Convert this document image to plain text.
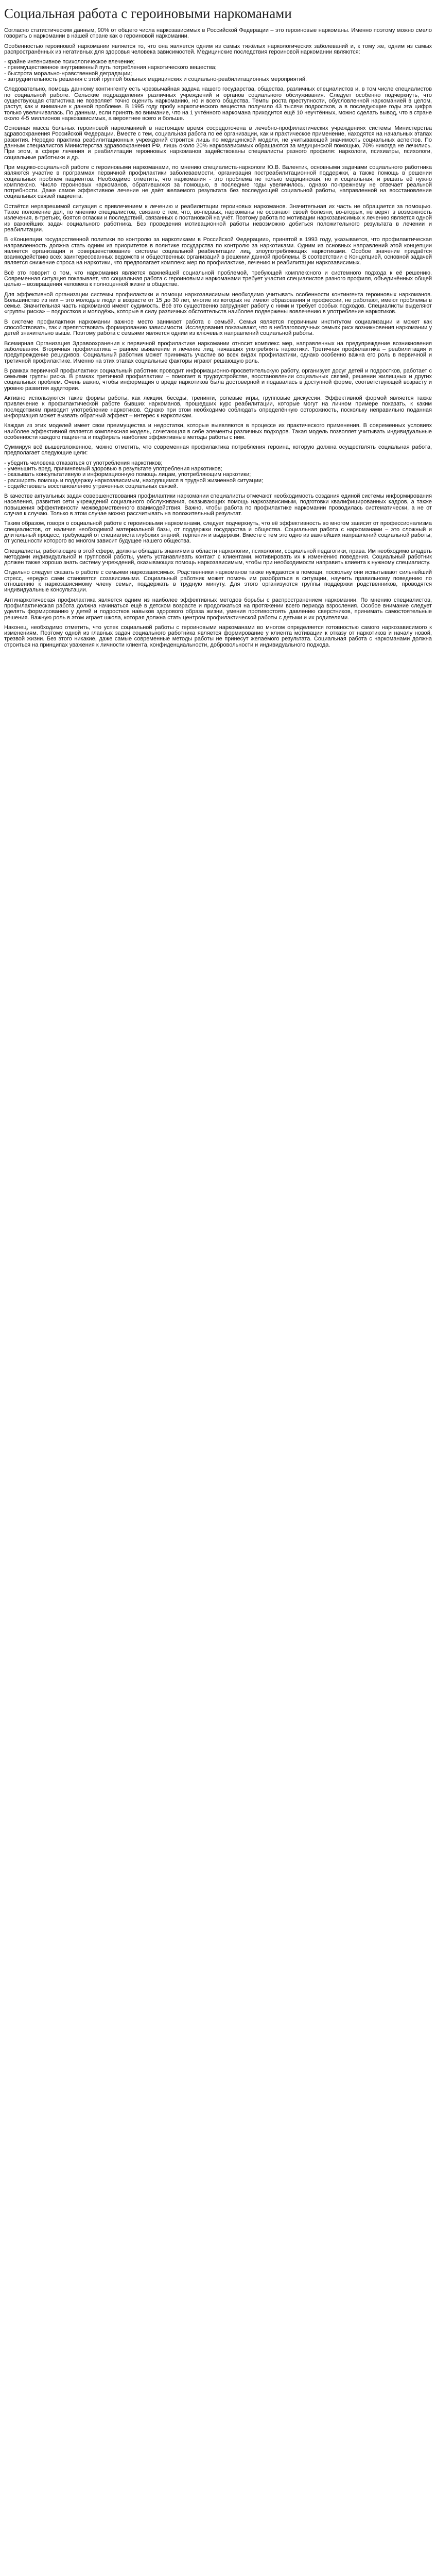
Социальная работа с героиновыми наркоманами

Согласно статистическим данным, 90% от общего числа наркозависимых в Российской Федерации – это героиновые наркоманы. Именно поэтому можно смело говорить о наркомании в нашей стране как о героиновой наркомании.

Особенностью героиновой наркомании является то, что она является одним из самых тяжёлых наркологических заболеваний и, к тому же, одним из самых распространённых из негативных для здоровья человека зависимостей. Медицинские последствия героиновой наркомании являются:

- крайне интенсивное психологическое влечение;
- преимущественное внутривенный путь потребления наркотического вещества;
- быстрота морально-нравственной деградации;
- затруднительность решения с этой группой больных медицинских и социально-реабилитационных мероприятий.

Следовательно, помощь данному контингенту есть чрезвычайная задача нашего государства, общества, различных специалистов и, в том числе специалистов по социальной работе. Сельские подразделения различных учреждений и органов социального обслуживания. Следует особенно подчеркнуть, что существующая статистика не позволяет точно оценить наркоманию, но и всего общества. Темпы роста преступности, обусловленной наркоманией в целом, растут, как и внимание к данной проблеме. В 1995 году пробу наркотического вещества получило 43 тысячи подростков, а в последующие годы эта цифра только увеличивалась. По данным, если принять во внимание, что на 1 учтённого наркомана приходится ещё 10 неучтённых, можно сделать вывод, что в стране около 4-5 миллионов наркозависимых, а вероятнее всего и больше.

Основная масса больных героиновой наркоманией в настоящее время сосредоточена в лечебно-профилактических учреждениях системы Министерства здравоохранения Российской Федерации. Вместе с тем, социальная работа по её организации, как и практическое применение, находятся на начальных этапах развития. Нередко практика реабилитационных учреждений строится лишь по медицинской модели, не учитывающей значимость социальных аспектов. По данным специалистов Министерства здравоохранения РФ, лишь около 20% наркозависимых обращаются за медицинской помощью, 70% никогда не лечились. При этом, в сфере лечения и реабилитации героиновых наркоманов задействованы специалисты разного профиля: наркологи, психиатры, психологи, социальные работники и др.

При медико-социальной работе с героиновыми наркоманами, по мнению специалиста-наркологи Ю.В. Валентик, основными задачами социального работника являются участие в программах первичной профилактики заболеваемости, организация постреабилитационной поддержки, а также помощь в решении социальных проблем пациентов. Необходимо отметить, что наркомания - это проблема не только медицинская, но и социальная, и решать её нужно комплексно. Число героиновых наркоманов, обратившихся за помощью, в последние годы увеличилось, однако по-прежнему не отвечает реальной потребности. Даже самое эффективное лечение не даёт желаемого результата без последующей социальной работы, направленной на восстановление социальных связей пациента.

Остаётся неразрешимой ситуация с привлечением к лечению и реабилитации героиновых наркоманов. Значительная их часть не обращается за помощью. Такое положение дел, по мнению специалистов, связано с тем, что, во-первых, наркоманы не осознают своей болезни, во-вторых, не верят в возможность излечения, в-третьих, боятся огласки и последствий, связанных с постановкой на учёт. Поэтому работа по мотивации наркозависимых к лечению является одной из важнейших задач социального работника. Без проведения мотивационной работы невозможно добиться положительного результата в лечении и реабилитации.

В «Концепции государственной политики по контролю за наркотиками в Российской Федерации», принятой в 1993 году, указывается, что профилактическая направленность должна стать одним из приоритетов в политике государства по контролю за наркотиками. Одним из основных направлений этой концепции является организация и совершенствование системы социальной реабилитации лиц, злоупотребляющих наркотиками. Особое значение придаётся взаимодействию всех заинтересованных ведомств и общественных организаций в решении данной проблемы. В соответствии с Концепцией, основной задачей является снижение спроса на наркотики, что предполагает комплекс мер по профилактике, лечению и реабилитации наркозависимых.

Всё это говорит о том, что наркомания является важнейшей социальной проблемой, требующей комплексного и системного подхода к её решению. Современная ситуация показывает, что социальная работа с героиновыми наркоманами требует участия специалистов разного профиля, объединённых общей целью – возвращения человека к полноценной жизни в обществе.

Для эффективной организации системы профилактики и помощи наркозависимым необходимо учитывать особенности контингента героиновых наркоманов. Большинство из них – это молодые люди в возрасте от 15 до 30 лет, многие из которых не имеют образования и профессии, не работают, имеют проблемы в семье. Значительная часть наркоманов имеют судимость. Всё это существенно затрудняет работу с ними и требует особых подходов. Специалисты выделяют «группы риска» – подростков и молодёжь, которые в силу различных обстоятельств наиболее подвержены вовлечению в употребление наркотиков.

В системе профилактики наркомании важное место занимает работа с семьёй. Семья является первичным институтом социализации и может как способствовать, так и препятствовать формированию зависимости. Исследования показывают, что в неблагополучных семьях риск возникновения наркомании у детей значительно выше. Поэтому работа с семьями является одним из ключевых направлений социальной работы.

Всемирная Организация Здравоохранения к первичной профилактике наркомании относит комплекс мер, направленных на предупреждение возникновения заболевания. Вторичная профилактика – раннее выявление и лечение лиц, начавших употреблять наркотики. Третичная профилактика – реабилитация и предупреждение рецидивов. Социальный работник может принимать участие во всех видах профилактики, однако особенно важна его роль в первичной и третичной профилактике. Именно на этих этапах социальные факторы играют решающую роль.

В рамках первичной профилактики социальный работник проводит информационно-просветительскую работу, организует досуг детей и подростков, работает с семьями группы риска. В рамках третичной профилактики – помогает в трудоустройстве, восстановлении социальных связей, решении жилищных и других социальных проблем. Очень важно, чтобы информация о вреде наркотиков была достоверной и подавалась в доступной форме, соответствующей возрасту и уровню развития аудитории.

Активно используются такие формы работы, как лекции, беседы, тренинги, ролевые игры, групповые дискуссии. Эффективной формой является также привлечение к профилактической работе бывших наркоманов, прошедших курс реабилитации, которые могут на личном примере показать, к каким последствиям приводит употребление наркотиков. Однако при этом необходимо соблюдать определённую осторожность, поскольку неправильно поданная информация может вызвать обратный эффект – интерес к наркотикам.

Каждая из этих моделей имеет свои преимущества и недостатки, которые выявляются в процессе их практического применения. В современных условиях наиболее эффективной является комплексная модель, сочетающая в себе элементы различных подходов. Такая модель позволяет учитывать индивидуальные особенности каждого пациента и подбирать наиболее эффективные методы работы с ним.

Суммируя всё вышеизложенное, можно отметить, что современная профилактика потребления героина, которую должна осуществлять социальная работа, предполагает следующие цели:

- убедить человека отказаться от употребления наркотиков;
- уменьшить вред, причиняемый здоровью в результате употребления наркотиков;
- оказывать консультативную и информационную помощь лицам, употребляющим наркотики;
- расширять помощь и поддержку наркозависимым, находящимся в трудной жизненной ситуации;
- содействовать восстановлению утраченных социальных связей.

В качестве актуальных задач совершенствования профилактики наркомании специалисты отмечают необходимость создания единой системы информирования населения, развития сети учреждений социального обслуживания, оказывающих помощь наркозависимым, подготовки квалифицированных кадров, а также повышения эффективности межведомственного взаимодействия. Важно, чтобы работа по профилактике наркомании проводилась систематически, а не от случая к случаю. Только в этом случае можно рассчитывать на положительный результат.

Таким образом, говоря о социальной работе с героиновыми наркоманами, следует подчеркнуть, что её эффективность во многом зависит от профессионализма специалистов, от наличия необходимой материальной базы, от поддержки государства и общества. Социальная работа с наркоманами – это сложный и длительный процесс, требующий от специалиста глубоких знаний, терпения и выдержки. Вместе с тем это одно из важнейших направлений социальной работы, от успешности которого во многом зависит будущее нашего общества.

Специалисты, работающие в этой сфере, должны обладать знаниями в области наркологии, психологии, социальной педагогики, права. Им необходимо владеть методами индивидуальной и групповой работы, уметь устанавливать контакт с клиентами, мотивировать их к изменению поведения. Социальный работник должен также хорошо знать систему учреждений, оказывающих помощь наркозависимым, чтобы при необходимости направить клиента к нужному специалисту.

Отдельно следует сказать о работе с семьями наркозависимых. Родственники наркоманов также нуждаются в помощи, поскольку они испытывают сильнейший стресс, нередко сами становятся созависимыми. Социальный работник может помочь им разобраться в ситуации, научить правильному поведению по отношению к наркозависимому члену семьи, поддержать в трудную минуту. Для этого организуются группы поддержки родственников, проводятся индивидуальные консультации.

Антинаркотическая профилактика является одним из наиболее эффективных методов борьбы с распространением наркомании. По мнению специалистов, профилактическая работа должна начинаться ещё в детском возрасте и продолжаться на протяжении всего периода взросления. Особое внимание следует уделять формированию у детей и подростков навыков здорового образа жизни, умения противостоять давлению сверстников, принимать самостоятельные решения. Важную роль в этом играет школа, которая должна стать центром профилактической работы с детьми и их родителями.

Наконец, необходимо отметить, что успех социальной работы с героиновыми наркоманами во многом определяется готовностью самого наркозависимого к изменениям. Поэтому одной из главных задач социального работника является формирование у клиента мотивации к отказу от наркотиков и началу новой, трезвой жизни. Без этого никакие, даже самые современные методы работы не принесут желаемого результата. Социальная работа с наркоманами должна строиться на принципах уважения к личности клиента, конфиденциальности, добровольности и индивидуального подхода.
